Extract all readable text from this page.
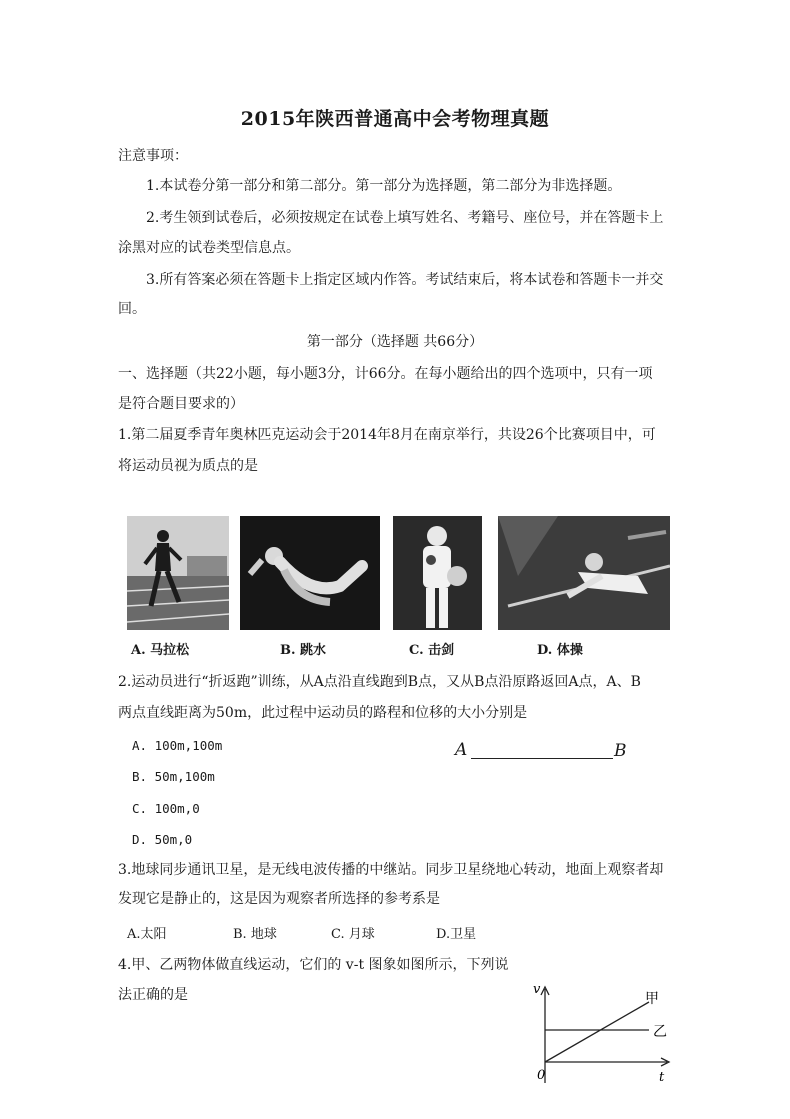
2015年陕西普通高中会考物理真题
注意事项：
1.本试卷分第一部分和第二部分。第一部分为选择题，第二部分为非选择题。
2.考生领到试卷后，必须按规定在试卷上填写姓名、考籍号、座位号，并在答题卡上
涂黑对应的试卷类型信息点。
3.所有答案必须在答题卡上指定区域内作答。考试结束后，将本试卷和答题卡一并交
回。
第一部分（选择题 共66分）
一、选择题（共22小题，每小题3分，计66分。在每小题给出的四个选项中，只有一项
是符合题目要求的）
1.第二届夏季青年奥林匹克运动会于2014年8月在南京举行，共设26个比赛项目中，可
将运动员视为质点的是
A. 马拉松	B. 跳水	C. 击剑	D. 体操
2.运动员进行“折返跑”训练，从A点沿直线跑到B点，又从B点沿原路返回A点，A、B
两点直线距离为50m，此过程中运动员的路程和位移的大小分别是
A. 100m,100m
B. 50m,100m
C. 100m,0
D. 50m,0
A	B
3.地球同步通讯卫星，是无线电波传播的中继站。同步卫星绕地心转动，地面上观察者却
发现它是静止的，这是因为观察者所选择的参考系是
A.太阳	B. 地球	C. 月球	D.卫星
4.甲、乙两物体做直线运动，它们的 v-t 图象如图所示，下列说
法正确的是	v
t
0
甲
乙
